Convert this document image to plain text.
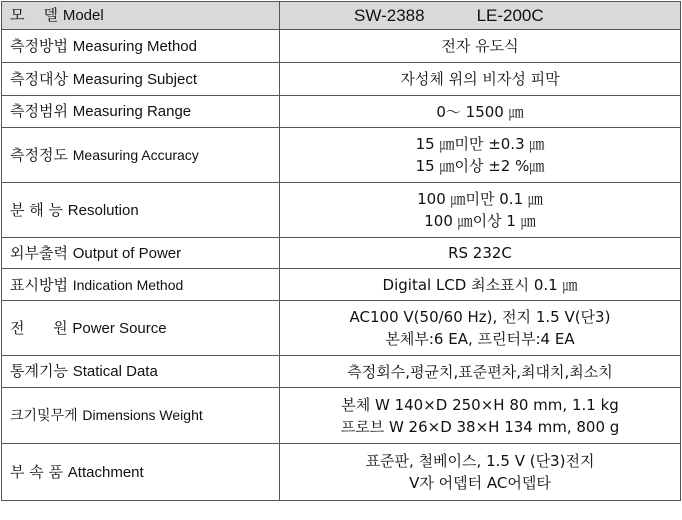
모    델 Model	SW-2388 LE-200C
측정방법 Measuring Method	전자 유도식

측정대상 Measuring Subject	자성체 위의 비자성 피막

측정범위 Measuring Range	0～ 1500 ㎛

측정정도 Measuring Accuracy	15 ㎛미만 ±0.3 ㎛
15 ㎛이상 ±2 %㎛

분 해 능 Resolution	100 ㎛미만 0.1 ㎛
100 ㎛이상 1 ㎛

외부출력 Output of Power	RS 232C

표시방법 Indication Method	Digital LCD 최소표시 0.1 ㎛

전      원 Power Source	AC100 V(50/60 Hz), 전지 1.5 V(단3)
본체부:6 EA, 프린터부:4 EA

통계기능 Statical Data	측정회수,평균치,표준편차,최대치,최소치

크기및무게 Dimensions Weight	본체 W 140×D 250×H 80 mm, 1.1 kg
프로브 W 26×D 38×H 134 mm, 800 g

부 속 품 Attachment	표준판, 철베이스, 1.5 V (단3)전지
V자 어뎁터 AC어뎁타
